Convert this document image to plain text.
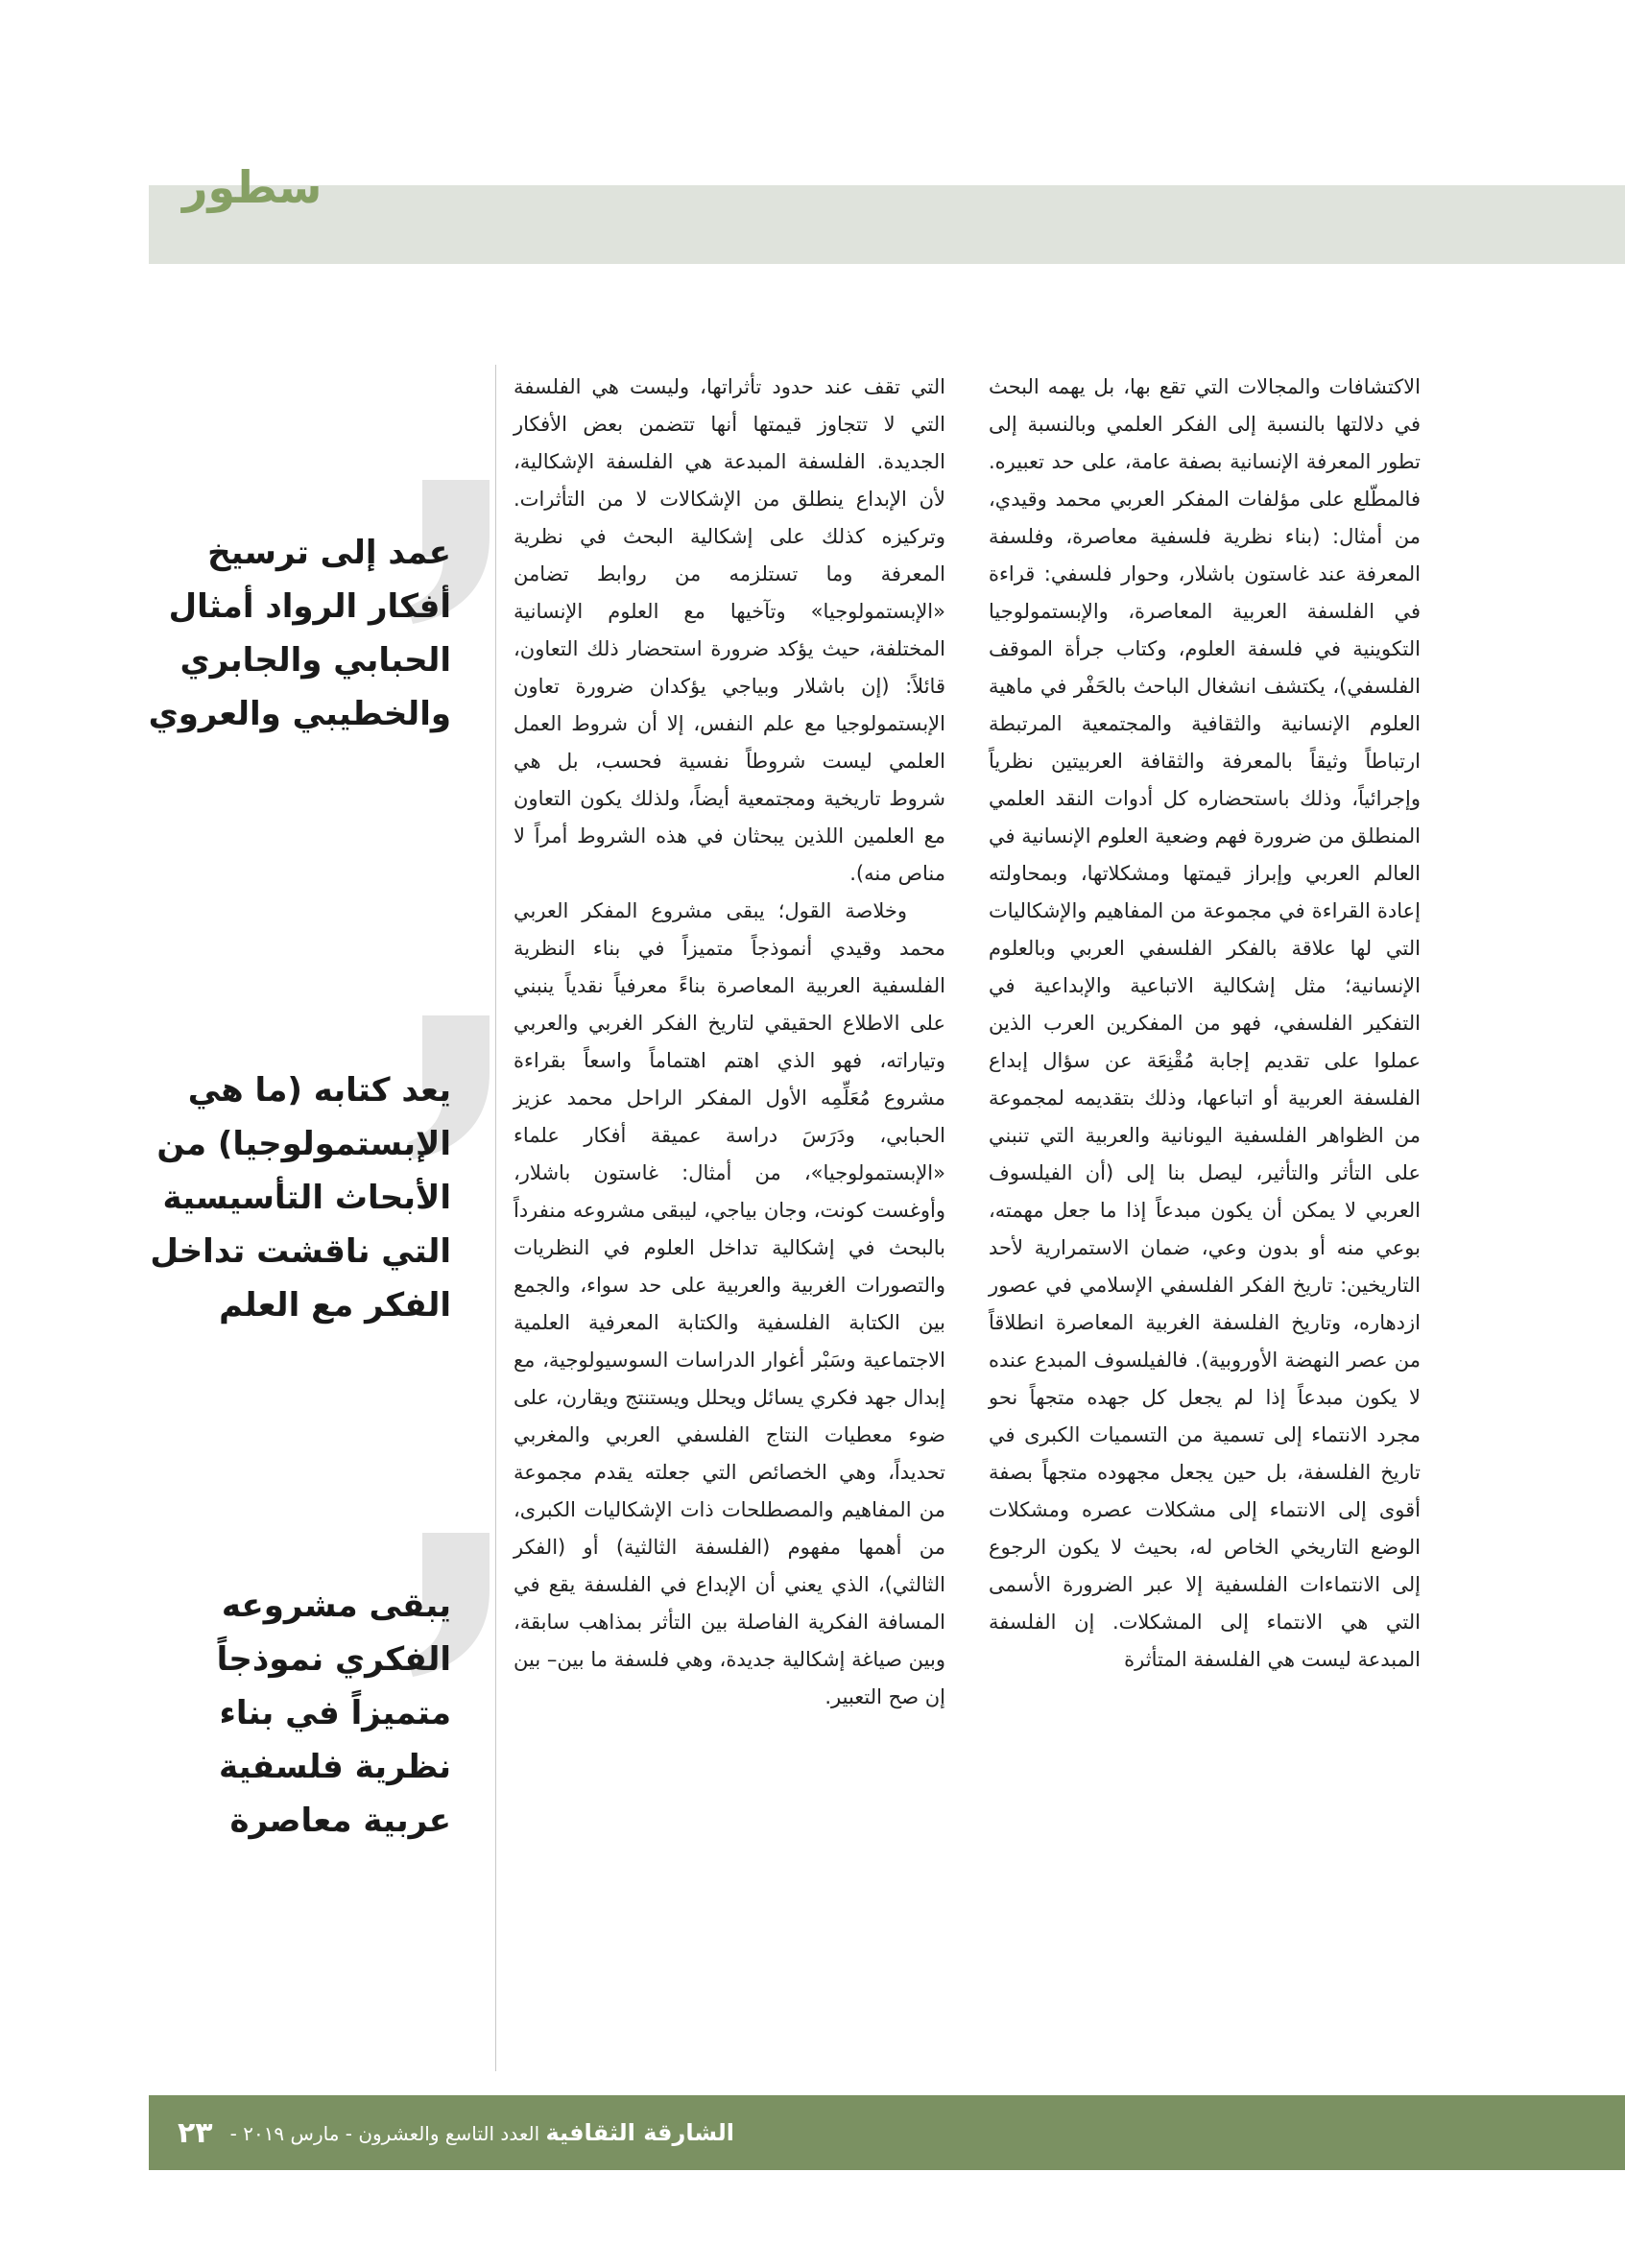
سطور

الاكتشافات والمجالات التي تقع بها، بل يهمه البحث في دلالتها بالنسبة إلى الفكر العلمي وبالنسبة إلى تطور المعرفة الإنسانية بصفة عامة، على حد تعبيره. فالمطّلع على مؤلفات المفكر العربي محمد وقيدي، من أمثال: (بناء نظرية فلسفية معاصرة، وفلسفة المعرفة عند غاستون باشلار، وحوار فلسفي: قراءة في الفلسفة العربية المعاصرة، والإبستمولوجيا التكوينية في فلسفة العلوم، وكتاب جرأة الموقف الفلسفي)، يكتشف انشغال الباحث بالحَفْر في ماهية العلوم الإنسانية والثقافية والمجتمعية المرتبطة ارتباطاً وثيقاً بالمعرفة والثقافة العربيتين نظرياً وإجرائياً، وذلك باستحضاره كل أدوات النقد العلمي المنطلق من ضرورة فهم وضعية العلوم الإنسانية في العالم العربي وإبراز قيمتها ومشكلاتها، وبمحاولته إعادة القراءة في مجموعة من المفاهيم والإشكاليات التي لها علاقة بالفكر الفلسفي العربي وبالعلوم الإنسانية؛ مثل إشكالية الاتباعية والإبداعية في التفكير الفلسفي، فهو من المفكرين العرب الذين عملوا على تقديم إجابة مُقْنِعَة عن سؤال إبداع الفلسفة العربية أو اتباعها، وذلك بتقديمه لمجموعة من الظواهر الفلسفية اليونانية والعربية التي تنبني على التأثر والتأثير، ليصل بنا إلى (أن الفيلسوف العربي لا يمكن أن يكون مبدعاً إذا ما جعل مهمته، بوعي منه أو بدون وعي، ضمان الاستمرارية لأحد التاريخين: تاريخ الفكر الفلسفي الإسلامي في عصور ازدهاره، وتاريخ الفلسفة الغربية المعاصرة انطلاقاً من عصر النهضة الأوروبية). فالفيلسوف المبدع عنده لا يكون مبدعاً إذا لم يجعل كل جهده متجهاً نحو مجرد الانتماء إلى تسمية من التسميات الكبرى في تاريخ الفلسفة، بل حين يجعل مجهوده متجهاً بصفة أقوى إلى الانتماء إلى مشكلات عصره ومشكلات الوضع التاريخي الخاص له، بحيث لا يكون الرجوع إلى الانتماءات الفلسفية إلا عبر الضرورة الأسمى التي هي الانتماء إلى المشكلات. إن الفلسفة المبدعة ليست هي الفلسفة المتأثرة

التي تقف عند حدود تأثراتها، وليست هي الفلسفة التي لا تتجاوز قيمتها أنها تتضمن بعض الأفكار الجديدة. الفلسفة المبدعة هي الفلسفة الإشكالية، لأن الإبداع ينطلق من الإشكالات لا من التأثرات. وتركيزه كذلك على إشكالية البحث في نظرية المعرفة وما تستلزمه من روابط تضامن «الإبستمولوجيا» وتآخيها مع العلوم الإنسانية المختلفة، حيث يؤكد ضرورة استحضار ذلك التعاون، قائلاً: (إن باشلار وبياجي يؤكدان ضرورة تعاون الإبستمولوجيا مع علم النفس، إلا أن شروط العمل العلمي ليست شروطاً نفسية فحسب، بل هي شروط تاريخية ومجتمعية أيضاً، ولذلك يكون التعاون مع العلمين اللذين يبحثان في هذه الشروط أمراً لا مناص منه).

وخلاصة القول؛ يبقى مشروع المفكر العربي محمد وقيدي أنموذجاً متميزاً في بناء النظرية الفلسفية العربية المعاصرة بناءً معرفياً نقدياً ينبني على الاطلاع الحقيقي لتاريخ الفكر الغربي والعربي وتياراته، فهو الذي اهتم اهتماماً واسعاً بقراءة مشروع مُعَلِّمِه الأول المفكر الراحل محمد عزيز الحبابي، ودَرَسَ دراسة عميقة أفكار علماء «الإبستمولوجيا»، من أمثال: غاستون باشلار، وأوغست كونت، وجان بياجي، ليبقى مشروعه منفرداً بالبحث في إشكالية تداخل العلوم في النظريات والتصورات الغربية والعربية على حد سواء، والجمع بين الكتابة الفلسفية والكتابة المعرفية العلمية الاجتماعية وسَبْر أغوار الدراسات السوسيولوجية، مع إبدال جهد فكري يسائل ويحلل ويستنتج ويقارن، على ضوء معطيات النتاج الفلسفي العربي والمغربي تحديداً، وهي الخصائص التي جعلته يقدم مجموعة من المفاهيم والمصطلحات ذات الإشكاليات الكبرى، من أهمها مفهوم (الفلسفة الثالثية) أو (الفكر الثالثي)، الذي يعني أن الإبداع في الفلسفة يقع في المسافة الفكرية الفاصلة بين التأثر بمذاهب سابقة، وبين صياغة إشكالية جديدة، وهي فلسفة ما بين– بين إن صح التعبير.

عمد إلى ترسيخ أفكار الرواد أمثال الحبابي والجابري والخطيبي والعروي
يعد كتابه (ما هي الإبستمولوجيا) من الأبحاث التأسيسية التي ناقشت تداخل الفكر مع العلم
يبقى مشروعه الفكري نموذجاً متميزاً في بناء نظرية فلسفية عربية معاصرة
٢٣	الشارقة الثقافية العدد التاسع والعشرون - مارس ٢٠١٩ -
